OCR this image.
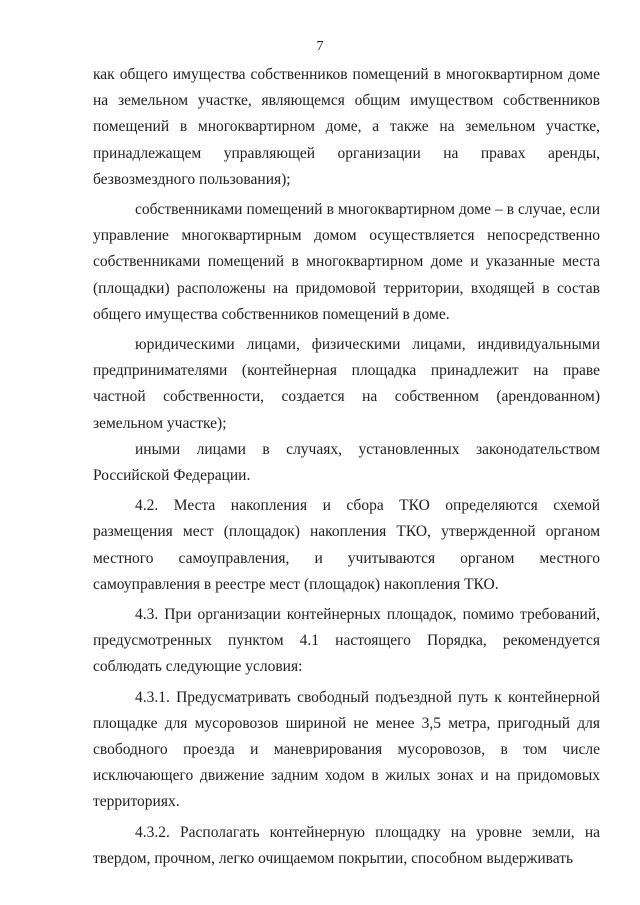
7

как общего имущества собственников помещений в многоквартирном доме на земельном участке, являющемся общим имуществом собственников помещений в многоквартирном доме, а также на земельном участке, принадлежащем управляющей организации на правах аренды, безвозмездного пользования);

собственниками помещений в многоквартирном доме – в случае, если управление многоквартирным домом осуществляется непосредственно собственниками помещений в многоквартирном доме и указанные места (площадки) расположены на придомовой территории, входящей в состав общего имущества собственников помещений в доме.

юридическими лицами, физическими лицами, индивидуальными предпринимателями (контейнерная площадка принадлежит на праве частной собственности, создается на собственном (арендованном) земельном участке);

иными лицами в случаях, установленных законодательством Российской Федерации.

4.2. Места накопления и сбора ТКО определяются схемой размещения мест (площадок) накопления ТКО, утвержденной органом местного самоуправления, и учитываются органом местного самоуправления в реестре мест (площадок) накопления ТКО.

4.3. При организации контейнерных площадок, помимо требований, предусмотренных пунктом 4.1 настоящего Порядка, рекомендуется соблюдать следующие условия:

4.3.1. Предусматривать свободный подъездной путь к контейнерной площадке для мусоровозов шириной не менее 3,5 метра, пригодный для свободного проезда и маневрирования мусоровозов, в том числе исключающего движение задним ходом в жилых зонах и на придомовых территориях.

4.3.2. Располагать контейнерную площадку на уровне земли, на твердом, прочном, легко очищаемом покрытии, способном выдерживать
